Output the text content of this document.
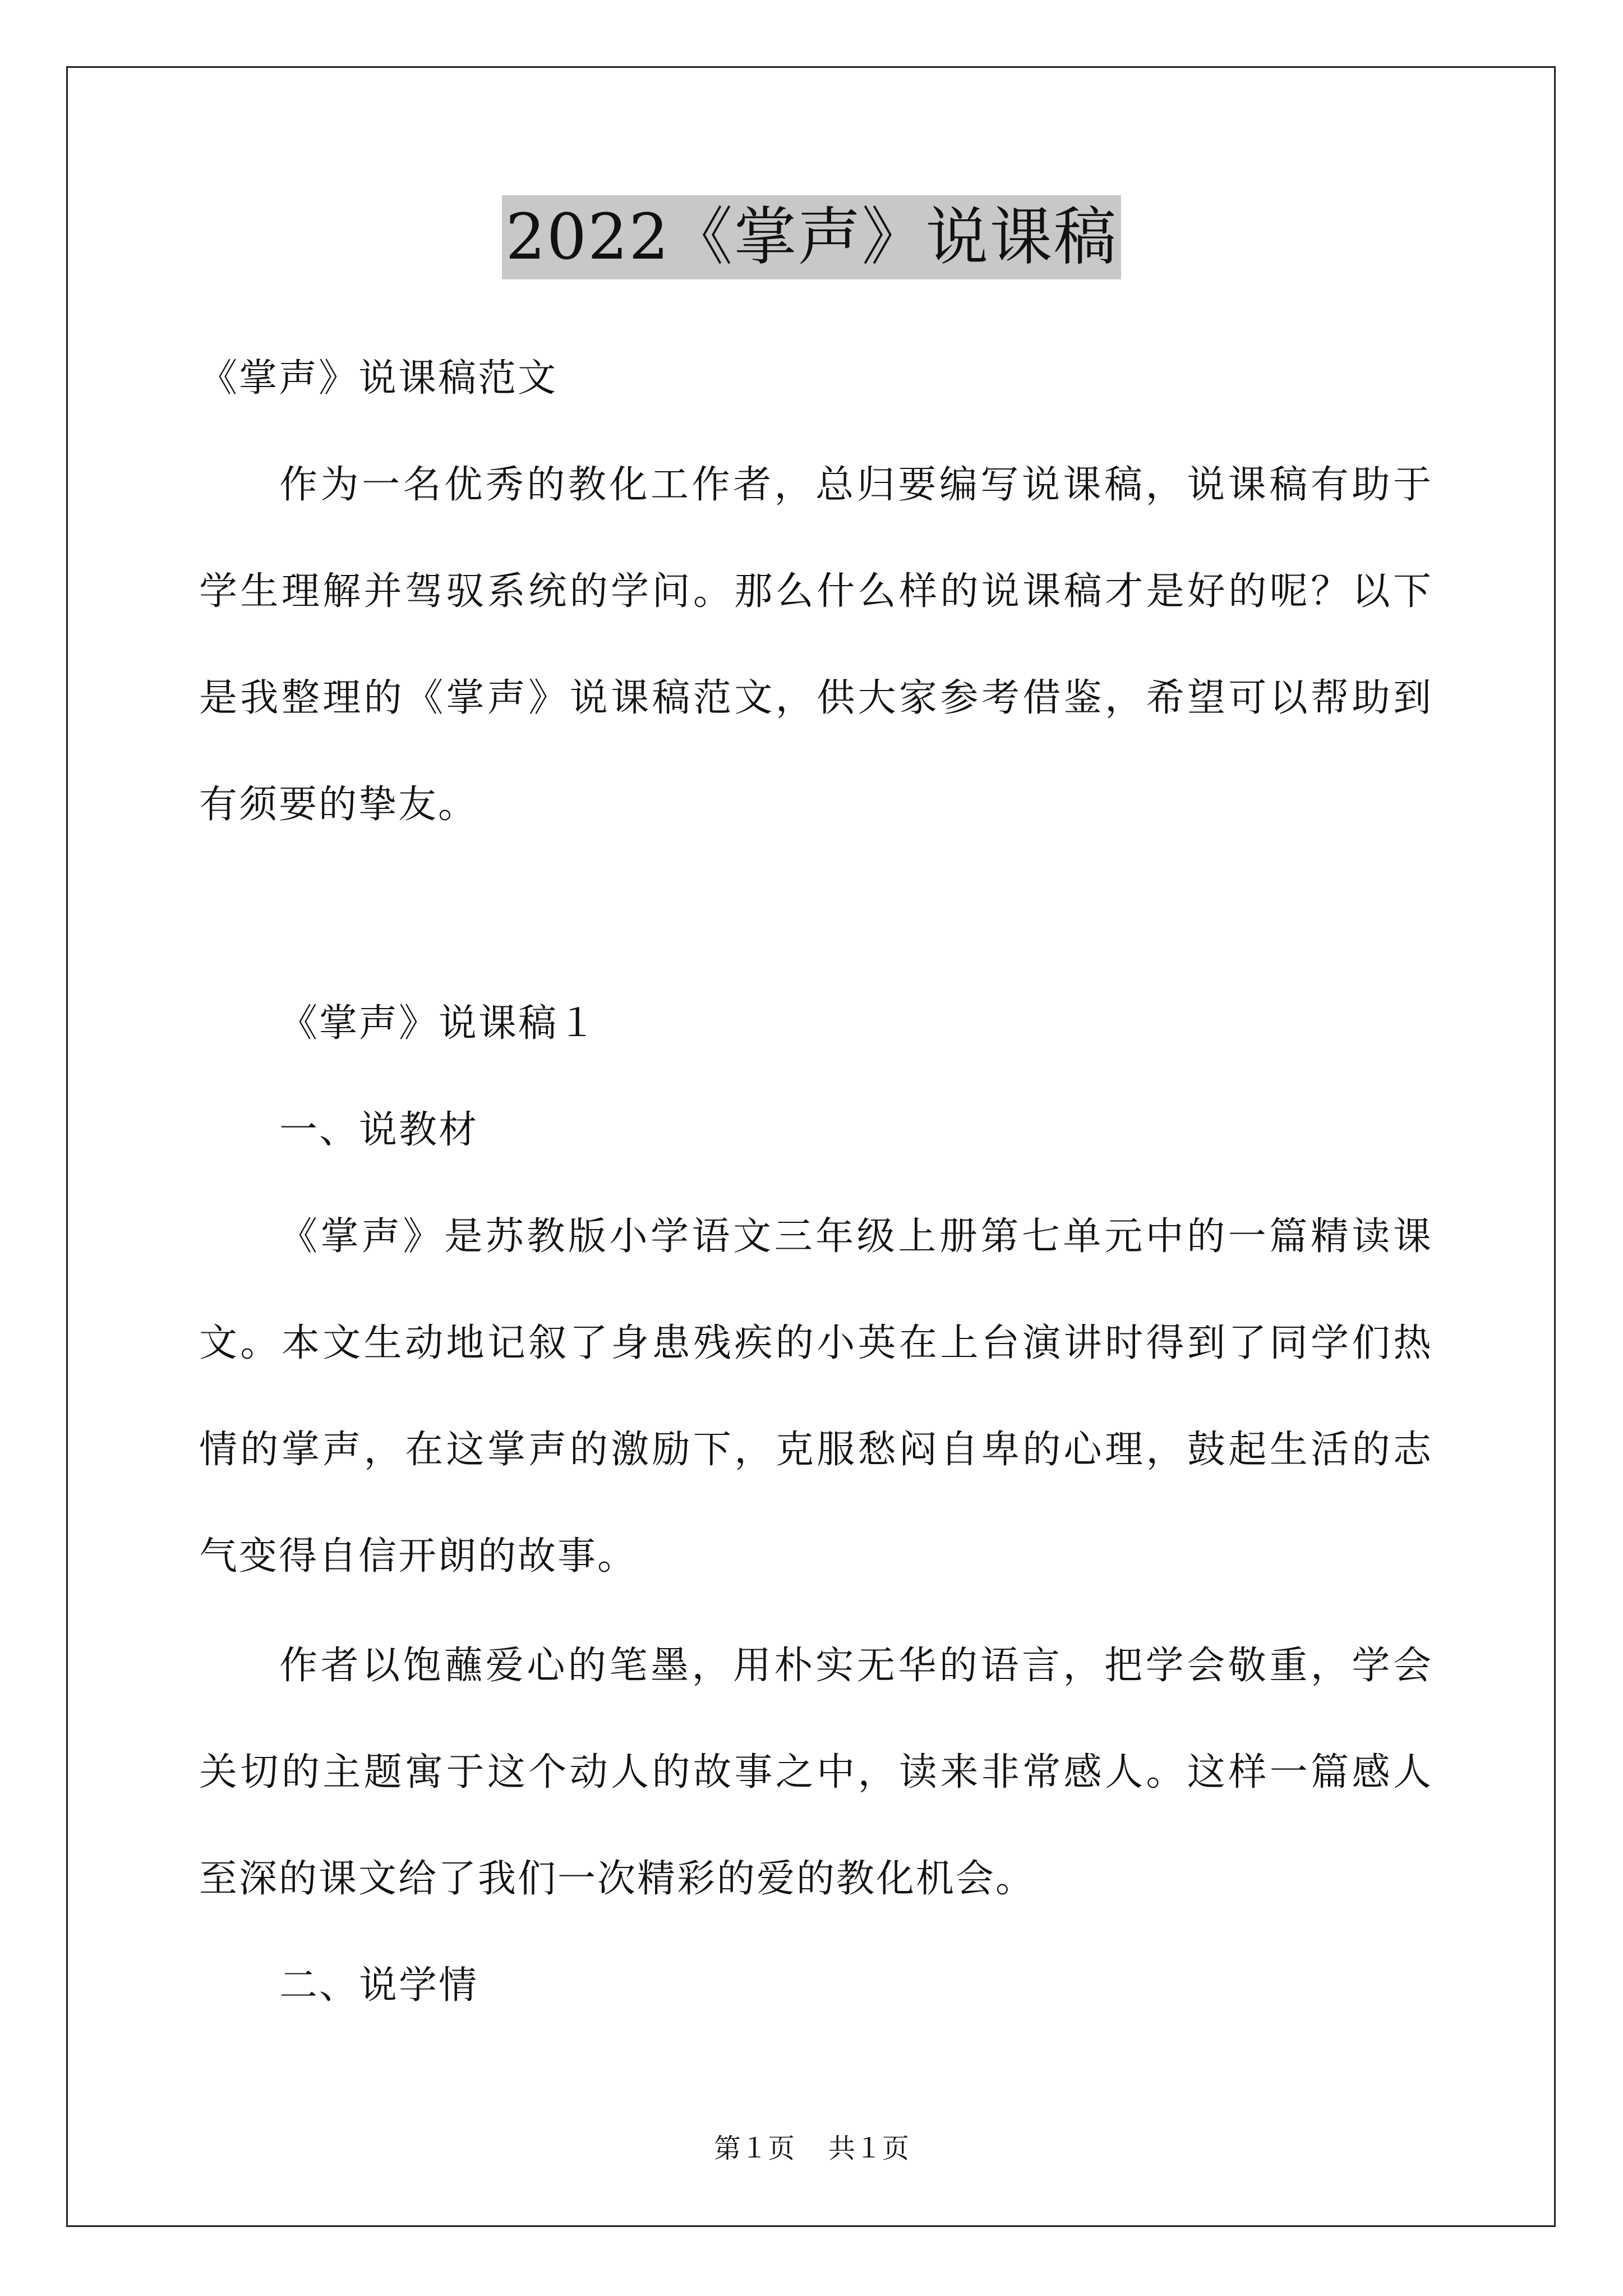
2022《掌声》说课稿
《掌声》说课稿范文
作为一名优秀的教化工作者，总归要编写说课稿，说课稿有助于
学生理解并驾驭系统的学问。那么什么样的说课稿才是好的呢？以下
是我整理的《掌声》说课稿范文，供大家参考借鉴，希望可以帮助到
有须要的挚友。
《掌声》说课稿１
一、说教材
《掌声》是苏教版小学语文三年级上册第七单元中的一篇精读课
文。本文生动地记叙了身患残疾的小英在上台演讲时得到了同学们热
情的掌声，在这掌声的激励下，克服愁闷自卑的心理，鼓起生活的志
气变得自信开朗的故事。
作者以饱蘸爱心的笔墨，用朴实无华的语言，把学会敬重，学会
关切的主题寓于这个动人的故事之中，读来非常感人。这样一篇感人
至深的课文给了我们一次精彩的爱的教化机会。
二、说学情
第１页 共１页
